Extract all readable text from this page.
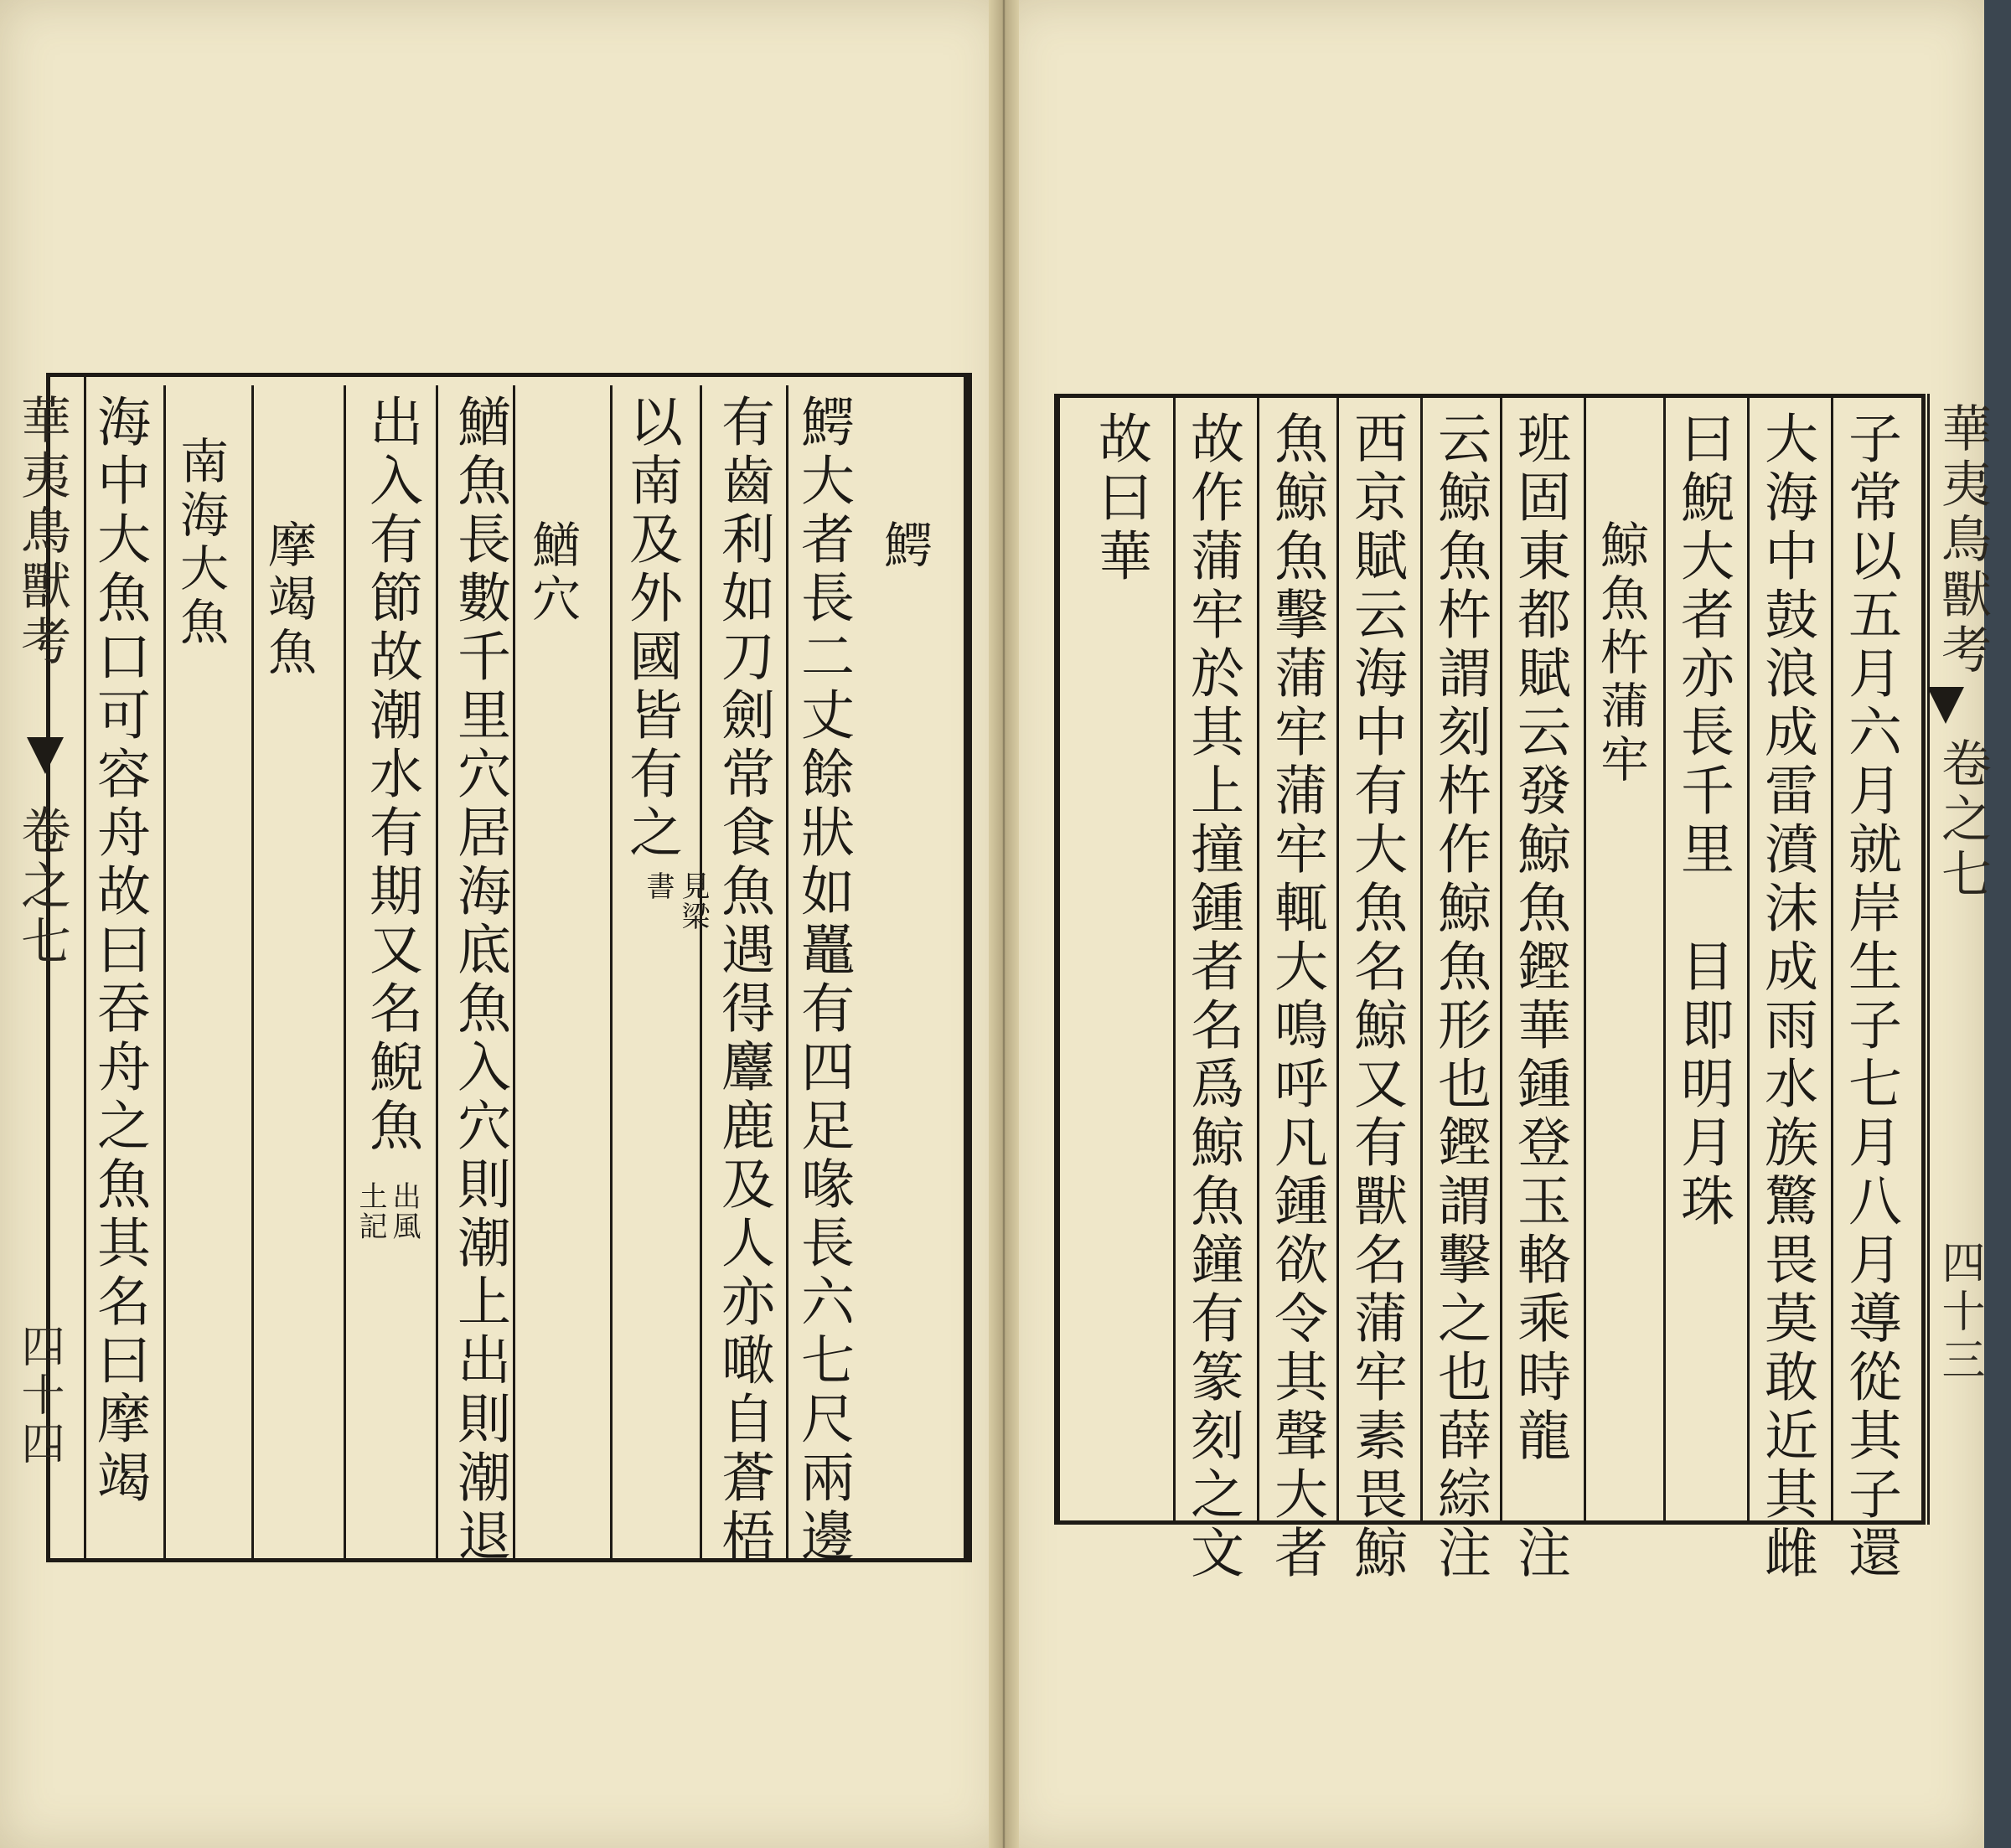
華夷鳥獸考
卷之七
四十四
鰐
鰐大者長二丈餘狀如鼉有四足喙長六七尺兩邊
有齒利如刀劍常食魚遇得麞鹿及人亦噉自蒼梧
以南及外國皆有之
見梁
書
鰌穴
鰌魚長數千里穴居海底魚入穴則潮上出則潮退
出入有節故潮水有期又名鯢魚
出風
土記
摩竭魚
南海大魚
海中大魚口可容舟故曰吞舟之魚其名曰摩竭	華夷鳥獸考
卷之七
四十三
子常以五月六月就岸生子七月八月導從其子還
大海中鼓浪成雷濆沫成雨水族驚畏莫敢近其雌
曰鯢大者亦長千里　目即明月珠
鯨魚杵蒲牢
班固東都賦云發鯨魚鏗華鍾登玉輅乘時龍　注
云鯨魚杵謂刻杵作鯨魚形也鏗謂擊之也薛綜注
西京賦云海中有大魚名鯨又有獸名蒲牢素畏鯨
魚鯨魚擊蒲牢蒲牢輒大鳴呼凡鍾欲令其聲大者
故作蒲牢於其上撞鍾者名爲鯨魚鐘有篆刻之文
故曰華
